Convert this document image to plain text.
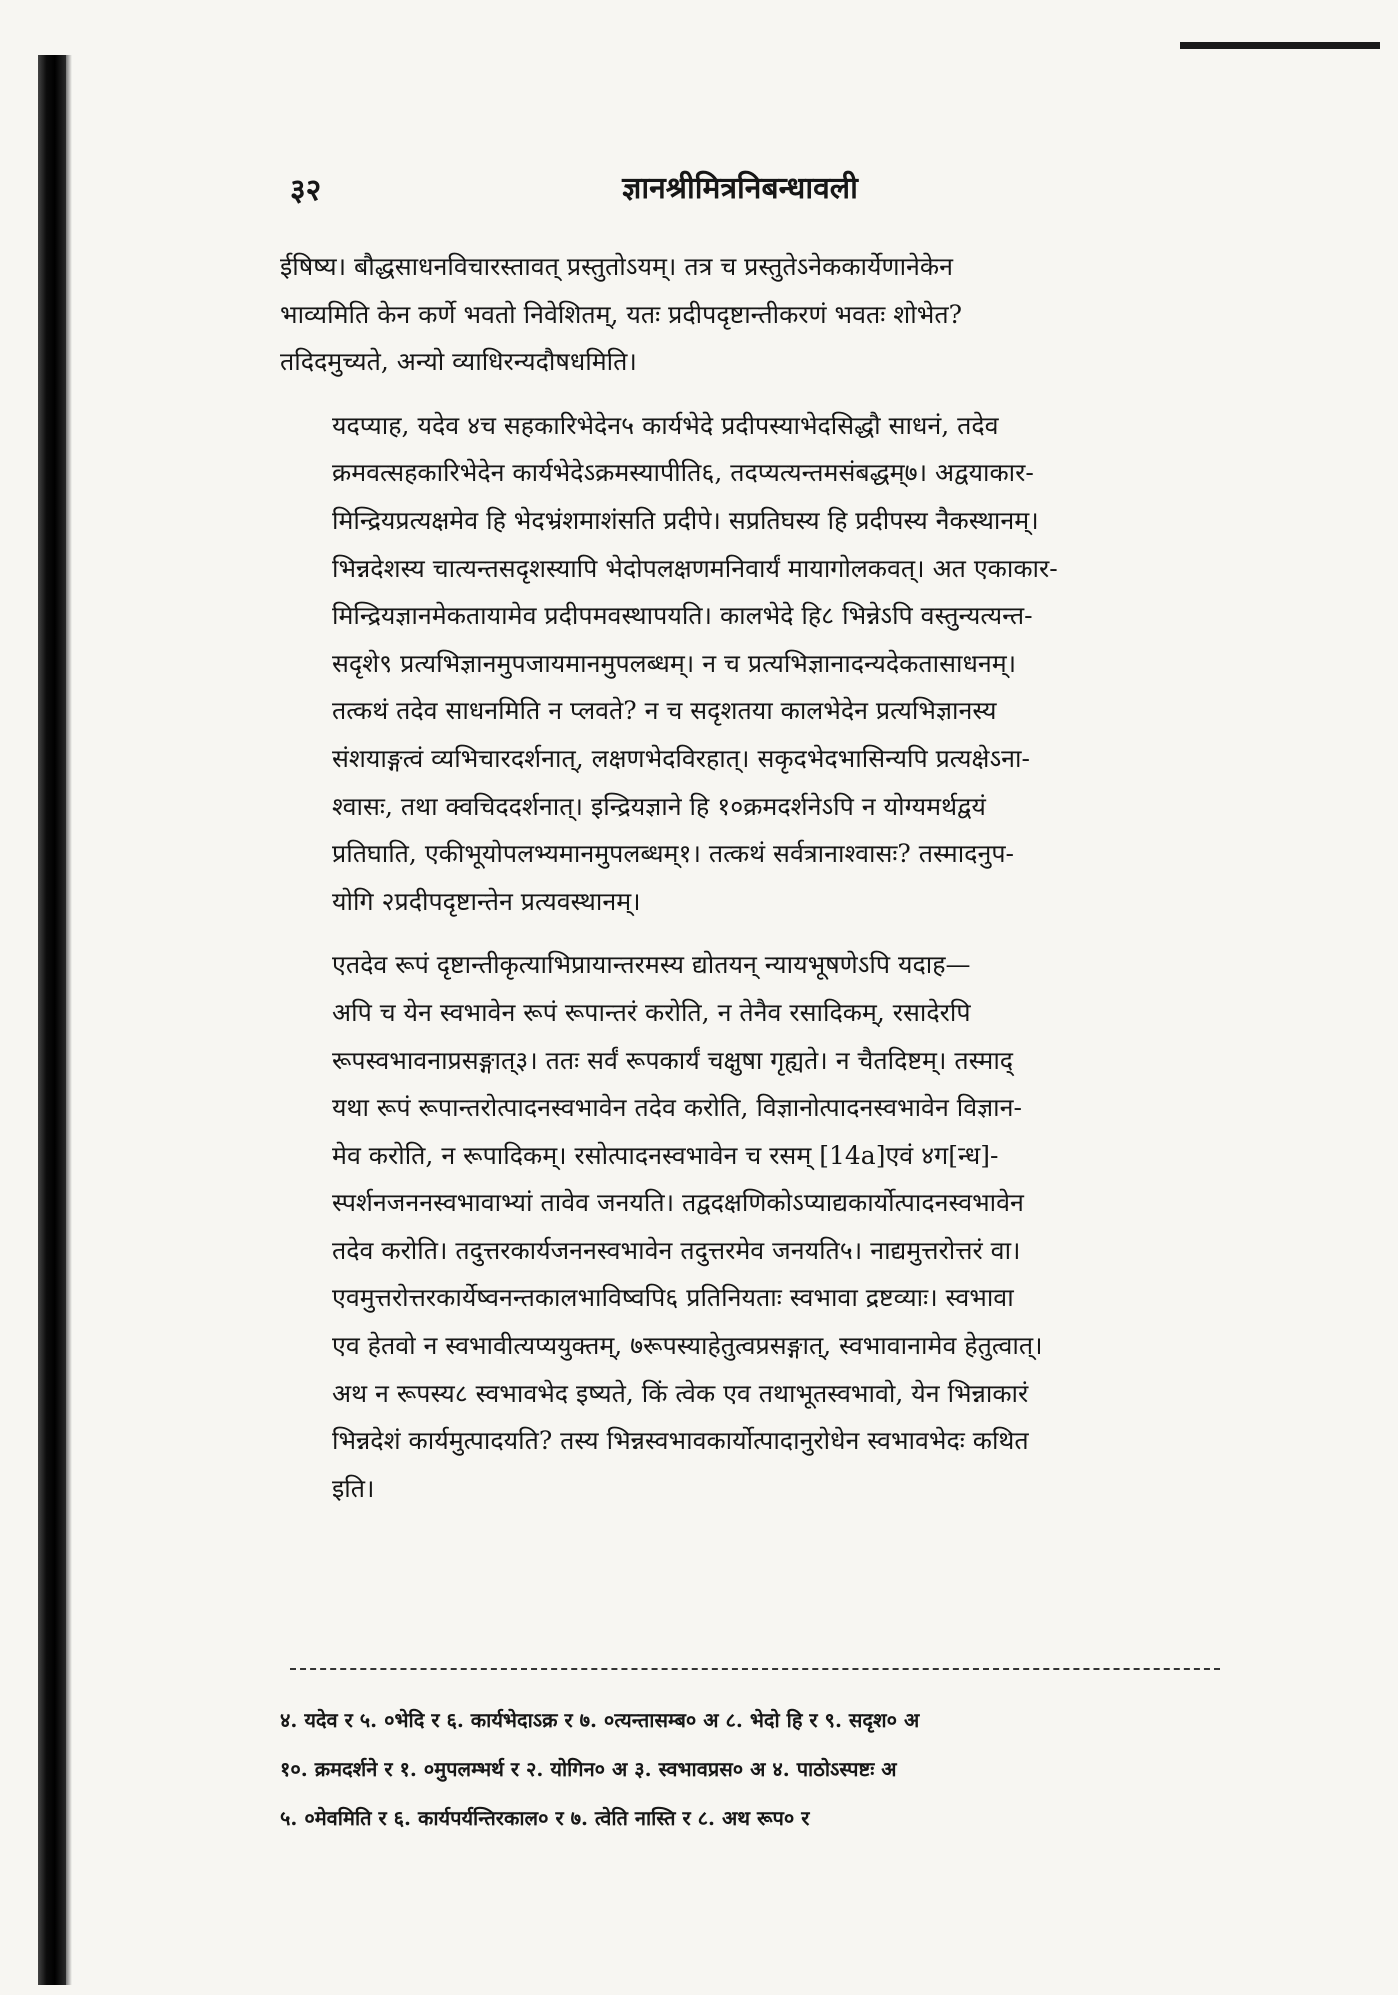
३२	ज्ञानश्रीमित्रनिबन्धावली

ईषिष्य। बौद्धसाधनविचारस्तावत् प्रस्तुतोऽयम्। तत्र च प्रस्तुतेऽनेककार्येणानेकेन
भाव्यमिति केन कर्णे भवतो निवेशितम्, यतः प्रदीपदृष्टान्तीकरणं भवतः शोभेत?
तदिदमुच्यते, अन्यो व्याधिरन्यदौषधमिति।

यदप्याह, यदेव ४च सहकारिभेदेन५ कार्यभेदे प्रदीपस्याभेदसिद्धौ साधनं, तदेव
क्रमवत्सहकारिभेदेन कार्यभेदेऽक्रमस्यापीति६, तदप्यत्यन्तमसंबद्धम्७। अद्वयाकार-
मिन्द्रियप्रत्यक्षमेव हि भेदभ्रंशमाशंसति प्रदीपे। सप्रतिघस्य हि प्रदीपस्य नैकस्थानम्।
भिन्नदेशस्य चात्यन्तसदृशस्यापि भेदोपलक्षणमनिवार्यं मायागोलकवत्। अत एकाकार-
मिन्द्रियज्ञानमेकतायामेव प्रदीपमवस्थापयति। कालभेदे हि८ भिन्नेऽपि वस्तुन्यत्यन्त-
सदृशे९ प्रत्यभिज्ञानमुपजायमानमुपलब्धम्। न च प्रत्यभिज्ञानादन्यदेकतासाधनम्।
तत्कथं तदेव साधनमिति न प्लवते? न च सदृशतया कालभेदेन प्रत्यभिज्ञानस्य
संशयाङ्गत्वं व्यभिचारदर्शनात्, लक्षणभेदविरहात्। सकृदभेदभासिन्यपि प्रत्यक्षेऽना-
श्वासः, तथा क्वचिददर्शनात्। इन्द्रियज्ञाने हि १०क्रमदर्शनेऽपि न योग्यमर्थद्वयं
प्रतिघाति, एकीभूयोपलभ्यमानमुपलब्धम्१। तत्कथं सर्वत्रानाश्वासः? तस्मादनुप-
योगि २प्रदीपदृष्टान्तेन प्रत्यवस्थानम्।

एतदेव रूपं दृष्टान्तीकृत्याभिप्रायान्तरमस्य द्योतयन् न्यायभूषणेऽपि यदाह—
अपि च येन स्वभावेन रूपं रूपान्तरं करोति, न तेनैव रसादिकम्, रसादेरपि
रूपस्वभावनाप्रसङ्गात्३। ततः सर्वं रूपकार्यं चक्षुषा गृह्यते। न चैतदिष्टम्। तस्माद्
यथा रूपं रूपान्तरोत्पादनस्वभावेन तदेव करोति, विज्ञानोत्पादनस्वभावेन विज्ञान-
मेव करोति, न रूपादिकम्। रसोत्पादनस्वभावेन च रसम् [14a]एवं ४ग[न्ध]-
स्पर्शनजननस्वभावाभ्यां तावेव जनयति। तद्वदक्षणिकोऽप्याद्यकार्योत्पादनस्वभावेन
तदेव करोति। तदुत्तरकार्यजननस्वभावेन तदुत्तरमेव जनयति५। नाद्यमुत्तरोत्तरं वा।
एवमुत्तरोत्तरकार्येष्वनन्तकालभाविष्वपि६ प्रतिनियताः स्वभावा द्रष्टव्याः। स्वभावा
एव हेतवो न स्वभावीत्यप्ययुक्तम्, ७रूपस्याहेतुत्वप्रसङ्गात्, स्वभावानामेव हेतुत्वात्।
अथ न रूपस्य८ स्वभावभेद इष्यते, किं त्वेक एव तथाभूतस्वभावो, येन भिन्नाकारं
भिन्नदेशं कार्यमुत्पादयति? तस्य भिन्नस्वभावकार्योत्पादानुरोधेन स्वभावभेदः कथित
इति।

४. यदेव र ५. ०भेदि र ६. कार्यभेदाऽक्र र ७. ०त्यन्तासम्ब० अ ८. भेदो हि र ९. सदृश० अ
१०. क्रमदर्शने र १. ०मुपलम्भर्थ र २. योगिन० अ ३. स्वभावप्रस० अ ४. पाठोऽस्पष्टः अ
५. ०मेवमिति र ६. कार्यपर्यन्तिरकाल० र ७. त्वेति नास्ति र ८. अथ रूप० र
